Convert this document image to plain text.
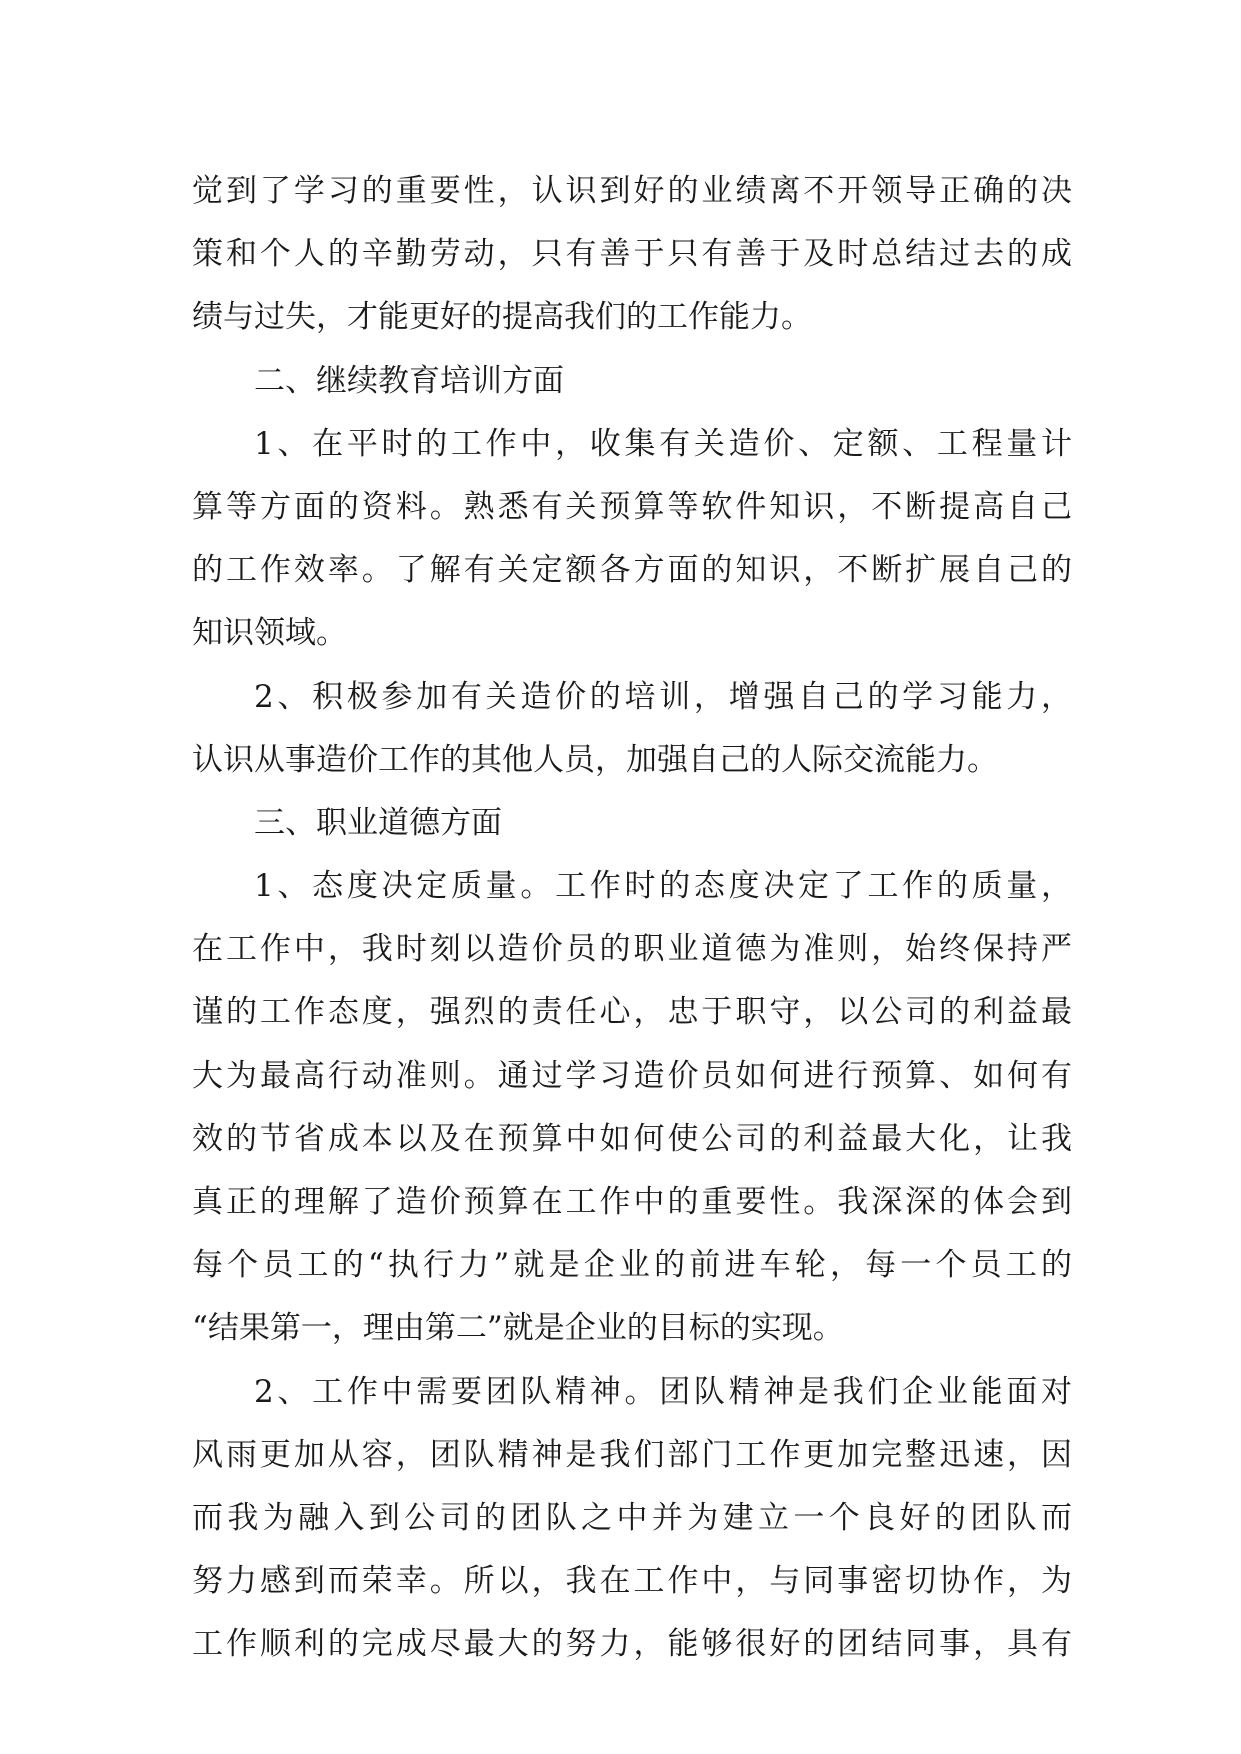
觉到了学习的重要性，认识到好的业绩离不开领导正确的决
策和个人的辛勤劳动，只有善于只有善于及时总结过去的成
绩与过失，才能更好的提高我们的工作能力。
二、继续教育培训方面
1、在平时的工作中，收集有关造价、定额、工程量计
算等方面的资料。熟悉有关预算等软件知识，不断提高自己
的工作效率。了解有关定额各方面的知识，不断扩展自己的
知识领域。
2、积极参加有关造价的培训，增强自己的学习能力，
认识从事造价工作的其他人员，加强自己的人际交流能力。
三、职业道德方面
1、态度决定质量。工作时的态度决定了工作的质量，
在工作中，我时刻以造价员的职业道德为准则，始终保持严
谨的工作态度，强烈的责任心，忠于职守，以公司的利益最
大为最高行动准则。通过学习造价员如何进行预算、如何有
效的节省成本以及在预算中如何使公司的利益最大化，让我
真正的理解了造价预算在工作中的重要性。我深深的体会到
每个员工的“执行力”就是企业的前进车轮，每一个员工的
“结果第一，理由第二”就是企业的目标的实现。
2、工作中需要团队精神。团队精神是我们企业能面对
风雨更加从容，团队精神是我们部门工作更加完整迅速，因
而我为融入到公司的团队之中并为建立一个良好的团队而
努力感到而荣幸。所以，我在工作中，与同事密切协作，为
工作顺利的完成尽最大的努力，能够很好的团结同事，具有
